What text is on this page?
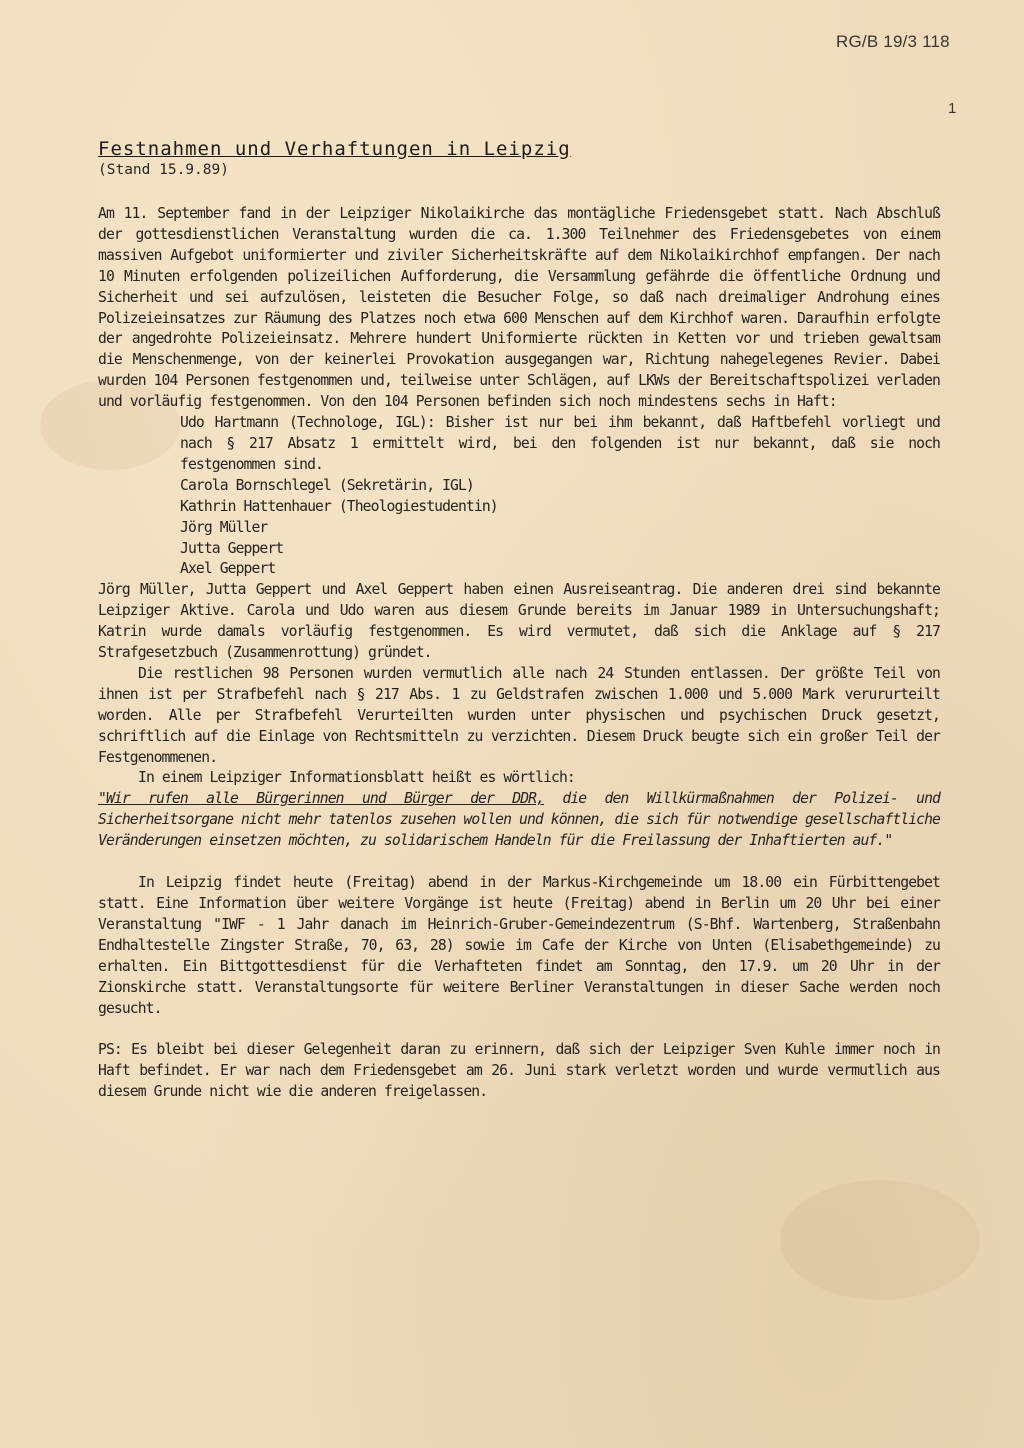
RG/B 19/3 118
1
Festnahmen und Verhaftungen in Leipzig
(Stand 15.9.89)

Am 11. September fand in der Leipziger Nikolaikirche das montägliche Friedensgebet statt. Nach Abschluß der gottesdienstlichen Veranstaltung wurden die ca. 1.300 Teilnehmer des Friedensgebetes von einem massiven Aufgebot uniformierter und ziviler Sicherheitskräfte auf dem Nikolaikirchhof empfangen. Der nach 10 Minuten erfolgenden polizeilichen Aufforderung, die Versammlung gefährde die öffentliche Ordnung und Sicherheit und sei aufzulösen, leisteten die Besucher Folge, so daß nach dreimaliger Androhung eines Polizeieinsatzes zur Räumung des Platzes noch etwa 600 Menschen auf dem Kirchhof waren. Daraufhin erfolgte der angedrohte Polizeieinsatz. Mehrere hundert Uniformierte rückten in Ketten vor und trieben gewaltsam die Menschenmenge, von der keinerlei Provokation ausgegangen war, Richtung nahegelegenes Revier. Dabei wurden 104 Personen festgenommen und, teilweise unter Schlägen, auf LKWs der Bereitschaftspolizei verladen und vorläufig festgenommen. Von den 104 Personen befinden sich noch mindestens sechs in Haft:

Udo Hartmann (Technologe, IGL): Bisher ist nur bei ihm bekannt, daß Haftbefehl vorliegt und nach § 217 Absatz 1 ermittelt wird, bei den folgenden ist nur bekannt, daß sie noch festgenommen sind.

Carola Bornschlegel (Sekretärin, IGL)
Kathrin Hattenhauer (Theologiestudentin)
Jörg Müller
Jutta Geppert
Axel Geppert

Jörg Müller, Jutta Geppert und Axel Geppert haben einen Ausreiseantrag. Die anderen drei sind bekannte Leipziger Aktive. Carola und Udo waren aus diesem Grunde bereits im Januar 1989 in Untersuchungshaft; Katrin wurde damals vorläufig festgenommen. Es wird vermutet, daß sich die Anklage auf § 217 Strafgesetzbuch (Zusammenrottung) gründet.

Die restlichen 98 Personen wurden vermutlich alle nach 24 Stunden entlassen. Der größte Teil von ihnen ist per Strafbefehl nach § 217 Abs. 1 zu Geldstrafen zwischen 1.000 und 5.000 Mark verururteilt worden. Alle per Strafbefehl Verurteilten wurden unter physischen und psychischen Druck gesetzt, schriftlich auf die Einlage von Rechtsmitteln zu verzichten. Diesem Druck beugte sich ein großer Teil der Festgenommenen.

In einem Leipziger Informationsblatt heißt es wörtlich:

"Wir rufen alle Bürgerinnen und Bürger der DDR, die den Willkürmaßnahmen der Polizei- und Sicherheitsorgane nicht mehr tatenlos zusehen wollen und können, die sich für notwendige gesellschaftliche Veränderungen einsetzen möchten, zu solidarischem Handeln für die Freilassung der Inhaftierten auf."

In Leipzig findet heute (Freitag) abend in der Markus-Kirchgemeinde um 18.00 ein Fürbittengebet statt. Eine Information über weitere Vorgänge ist heute (Freitag) abend in Berlin um 20 Uhr bei einer Veranstaltung "IWF - 1 Jahr danach im Heinrich-Gruber-Gemeindezentrum (S-Bhf. Wartenberg, Straßenbahn Endhaltestelle Zingster Straße, 70, 63, 28) sowie im Cafe der Kirche von Unten (Elisabethgemeinde) zu erhalten. Ein Bittgottesdienst für die Verhafteten findet am Sonntag, den 17.9. um 20 Uhr in der Zionskirche statt. Veranstaltungsorte für weitere Berliner Veranstaltungen in dieser Sache werden noch gesucht.

PS: Es bleibt bei dieser Gelegenheit daran zu erinnern, daß sich der Leipziger Sven Kuhle immer noch in Haft befindet. Er war nach dem Friedensgebet am 26. Juni stark verletzt worden und wurde vermutlich aus diesem Grunde nicht wie die anderen freigelassen.
